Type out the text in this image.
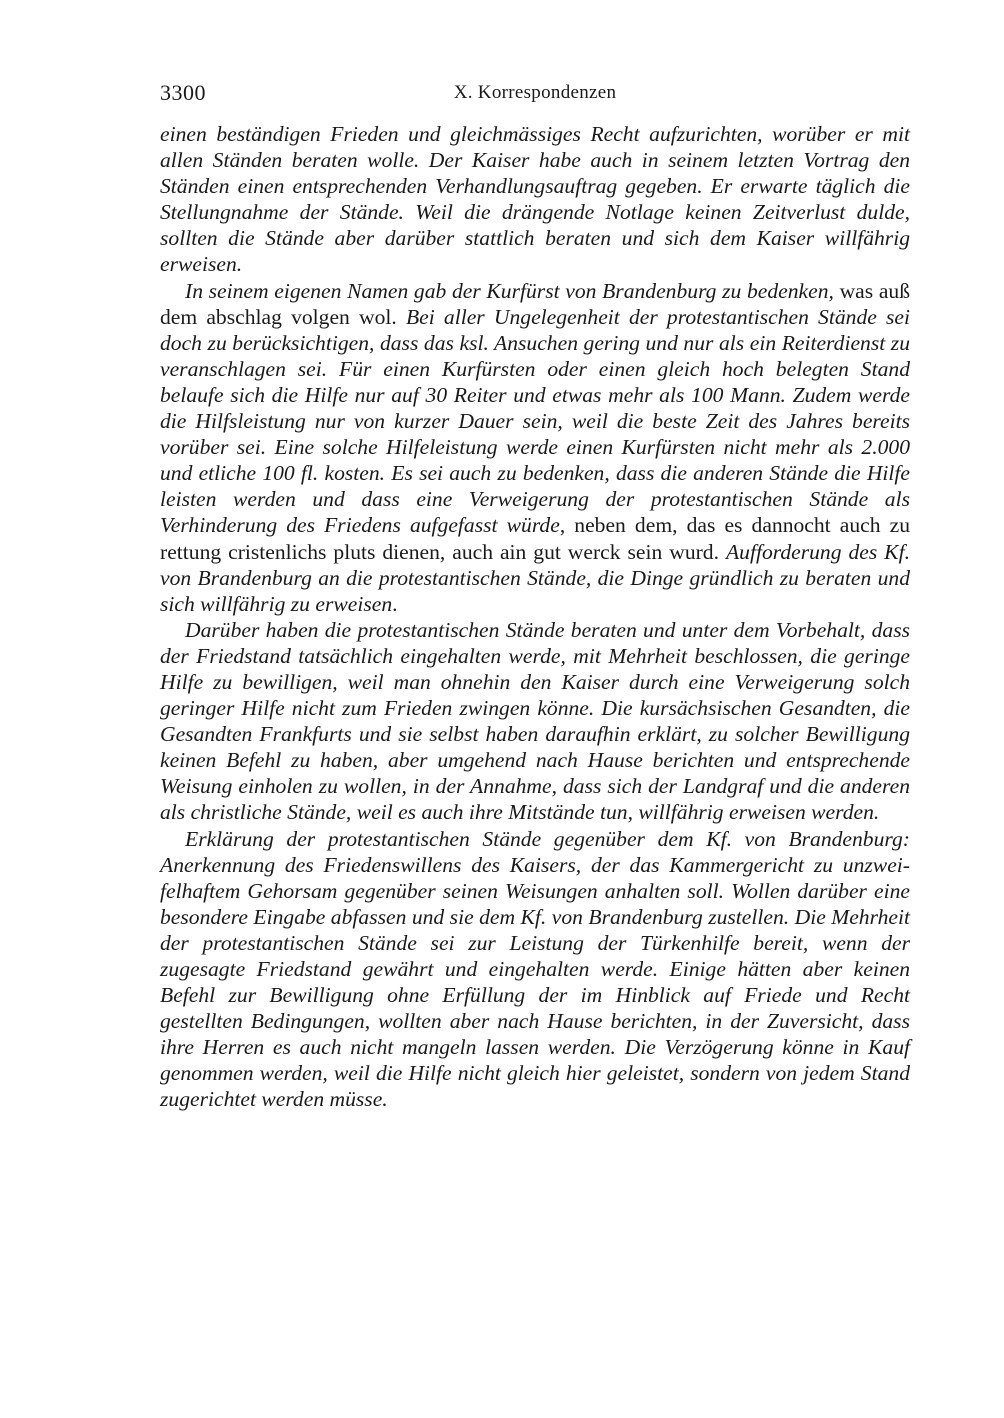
3300	X. Korrespondenzen

einen beständigen Frieden und gleichmässiges Recht aufzurichten, worüber er mit allen Ständen beraten wolle. Der Kaiser habe auch in seinem letzten Vortrag den Ständen einen entsprechenden Verhandlungsauftrag gegeben. Er erwarte täglich die Stellungnahme der Stände. Weil die drängende Notlage keinen Zeitverlust dulde, sollten die Stände aber darüber stattlich beraten und sich dem Kaiser willfährig erweisen.

In seinem eigenen Namen gab der Kurfürst von Brandenburg zu bedenken, was auß dem abschlag volgen wol. Bei aller Ungelegenheit der protestantischen Stände sei doch zu berücksichtigen, dass das ksl. Ansuchen gering und nur als ein Reiterdienst zu veranschlagen sei. Für einen Kurfürsten oder einen gleich hoch belegten Stand belaufe sich die Hilfe nur auf 30 Reiter und etwas mehr als 100 Mann. Zudem werde die Hilfsleistung nur von kurzer Dauer sein, weil die beste Zeit des Jahres bereits vorüber sei. Eine solche Hilfeleistung werde einen Kurfürsten nicht mehr als 2.000 und etliche 100 fl. kosten. Es sei auch zu bedenken, dass die anderen Stände die Hilfe leisten werden und dass eine Verweigerung der protestantischen Stände als Verhinderung des Friedens aufgefasst würde, neben dem, das es dannocht auch zu rettung cristenlichs pluts dienen, auch ain gut werck sein wurd. Aufforderung des Kf. von Brandenburg an die protestantischen Stände, die Dinge gründlich zu beraten und sich willfährig zu erweisen.

Darüber haben die protestantischen Stände beraten und unter dem Vorbehalt, dass der Friedstand tatsächlich eingehalten werde, mit Mehrheit beschlossen, die geringe Hilfe zu bewilligen, weil man ohnehin den Kaiser durch eine Verweigerung solch geringer Hilfe nicht zum Frieden zwingen könne. Die kursächsischen Gesandten, die Gesandten Frankfurts und sie selbst haben daraufhin erklärt, zu solcher Bewilligung keinen Befehl zu haben, aber umgehend nach Hause berichten und entsprechende Weisung einholen zu wollen, in der Annahme, dass sich der Landgraf und die anderen als christliche Stände, weil es auch ihre Mitstände tun, willfährig erweisen werden.

Erklärung der protestantischen Stände gegenüber dem Kf. von Brandenburg: Anerkennung des Friedenswillens des Kaisers, der das Kammergericht zu unzweifelhaftem Gehorsam gegenüber seinen Weisungen anhalten soll. Wollen darüber eine besondere Eingabe abfassen und sie dem Kf. von Brandenburg zustellen. Die Mehrheit der protestantischen Stände sei zur Leistung der Türkenhilfe bereit, wenn der zugesagte Friedstand gewährt und eingehalten werde. Einige hätten aber keinen Befehl zur Bewilligung ohne Erfüllung der im Hinblick auf Friede und Recht gestellten Bedingungen, wollten aber nach Hause berichten, in der Zuversicht, dass ihre Herren es auch nicht mangeln lassen werden. Die Verzögerung könne in Kauf genommen werden, weil die Hilfe nicht gleich hier geleistet, sondern von jedem Stand zugerichtet werden müsse.
